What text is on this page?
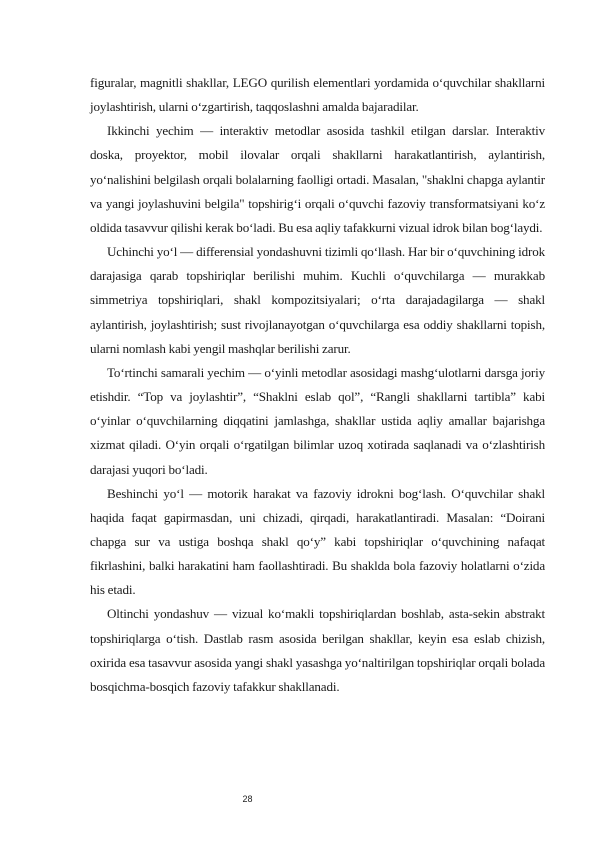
figuralar, magnitli shakllar, LEGO qurilish elementlari yordamida o‘quvchilar shakllarni joylashtirish, ularni o‘zgartirish, taqqoslashni amalda bajaradilar.

Ikkinchi yechim — interaktiv metodlar asosida tashkil etilgan darslar. Interaktiv doska, proyektor, mobil ilovalar orqali shakllarni harakatlantirish, aylantirish, yo‘nalishini belgilash orqali bolalarning faolligi ortadi. Masalan, "shaklni chapga aylantir va yangi joylashuvini belgila" topshirig‘i orqali o‘quvchi fazoviy transformatsiyani ko‘z oldida tasavvur qilishi kerak bo‘ladi. Bu esa aqliy tafakkurni vizual idrok bilan bog‘laydi.

Uchinchi yo‘l — differensial yondashuvni tizimli qo‘llash. Har bir o‘quvchining idrok darajasiga qarab topshiriqlar berilishi muhim. Kuchli o‘quvchilarga — murakkab simmetriya topshiriqlari, shakl kompozitsiyalari; o‘rta darajadagilarga — shakl aylantirish, joylashtirish; sust rivojlanayotgan o‘quvchilarga esa oddiy shakllarni topish, ularni nomlash kabi yengil mashqlar berilishi zarur.

To‘rtinchi samarali yechim — o‘yinli metodlar asosidagi mashg‘ulotlarni darsga joriy etishdir. “Top va joylashtir”, “Shaklni eslab qol”, “Rangli shakllarni tartibla” kabi o‘yinlar o‘quvchilarning diqqatini jamlashga, shakllar ustida aqliy amallar bajarishga xizmat qiladi. O‘yin orqali o‘rgatilgan bilimlar uzoq xotirada saqlanadi va o‘zlashtirish darajasi yuqori bo‘ladi.

Beshinchi yo‘l — motorik harakat va fazoviy idrokni bog‘lash. O‘quvchilar shakl haqida faqat gapirmasdan, uni chizadi, qirqadi, harakatlantiradi. Masalan: “Doirani chapga sur va ustiga boshqa shakl qo‘y” kabi topshiriqlar o‘quvchining nafaqat fikrlashini, balki harakatini ham faollashtiradi. Bu shaklda bola fazoviy holatlarni o‘zida his etadi.

Oltinchi yondashuv — vizual ko‘makli topshiriqlardan boshlab, asta-sekin abstrakt topshiriqlarga o‘tish. Dastlab rasm asosida berilgan shakllar, keyin esa eslab chizish, oxirida esa tasavvur asosida yangi shakl yasashga yo‘naltirilgan topshiriqlar orqali bolada bosqichma-bosqich fazoviy tafakkur shakllanadi.

28
